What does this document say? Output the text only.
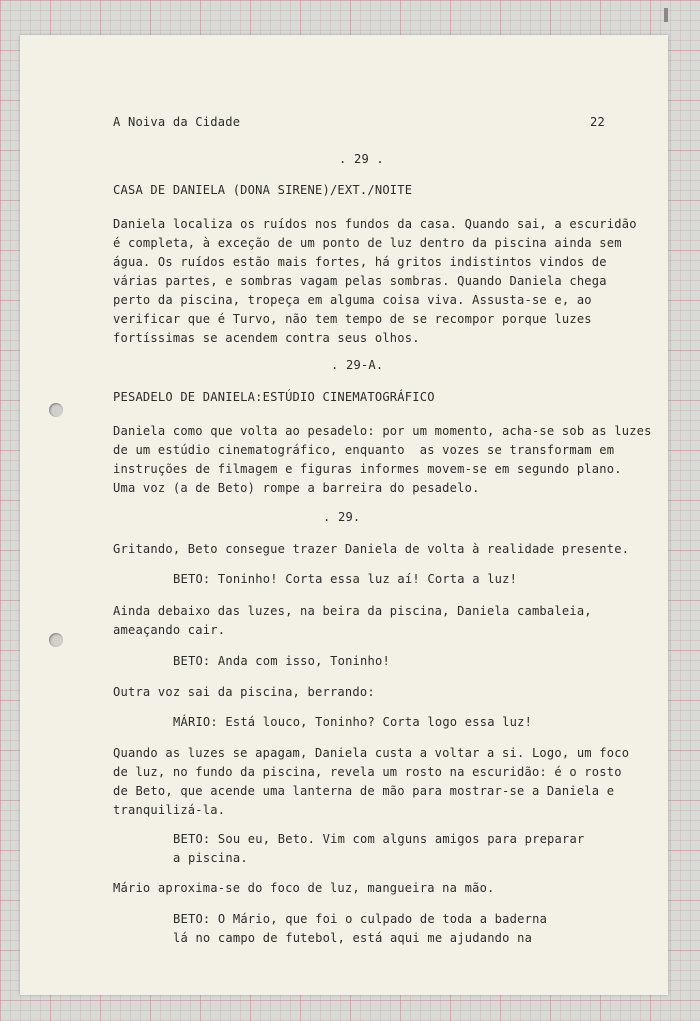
A Noiva da Cidade	22
. 29 .
CASA DE DANIELA (DONA SIRENE)/EXT./NOITE
Daniela localiza os ruídos nos fundos da casa. Quando sai, a escuridão
é completa, à exceção de um ponto de luz dentro da piscina ainda sem
água. Os ruídos estão mais fortes, há gritos indistintos vindos de
várias partes, e sombras vagam pelas sombras. Quando Daniela chega
perto da piscina, tropeça em alguma coisa viva. Assusta-se e, ao
verificar que é Turvo, não tem tempo de se recompor porque luzes
fortíssimas se acendem contra seus olhos.
. 29-A.
PESADELO DE DANIELA:ESTÚDIO CINEMATOGRÁFICO
Daniela como que volta ao pesadelo: por um momento, acha-se sob as luzes
de um estúdio cinematográfico, enquanto  as vozes se transformam em
instruções de filmagem e figuras informes movem-se em segundo plano.
Uma voz (a de Beto) rompe a barreira do pesadelo.
. 29.
Gritando, Beto consegue trazer Daniela de volta à realidade presente.
BETO: Toninho! Corta essa luz aí! Corta a luz!
Ainda debaixo das luzes, na beira da piscina, Daniela cambaleia,
ameaçando cair.
BETO: Anda com isso, Toninho!
Outra voz sai da piscina, berrando:
MÁRIO: Está louco, Toninho? Corta logo essa luz!
Quando as luzes se apagam, Daniela custa a voltar a si. Logo, um foco
de luz, no fundo da piscina, revela um rosto na escuridão: é o rosto
de Beto, que acende uma lanterna de mão para mostrar-se a Daniela e
tranquilizá-la.
BETO: Sou eu, Beto. Vim com alguns amigos para preparar
a piscina.
Mário aproxima-se do foco de luz, mangueira na mão.
BETO: O Mário, que foi o culpado de toda a baderna
lá no campo de futebol, está aqui me ajudando na
